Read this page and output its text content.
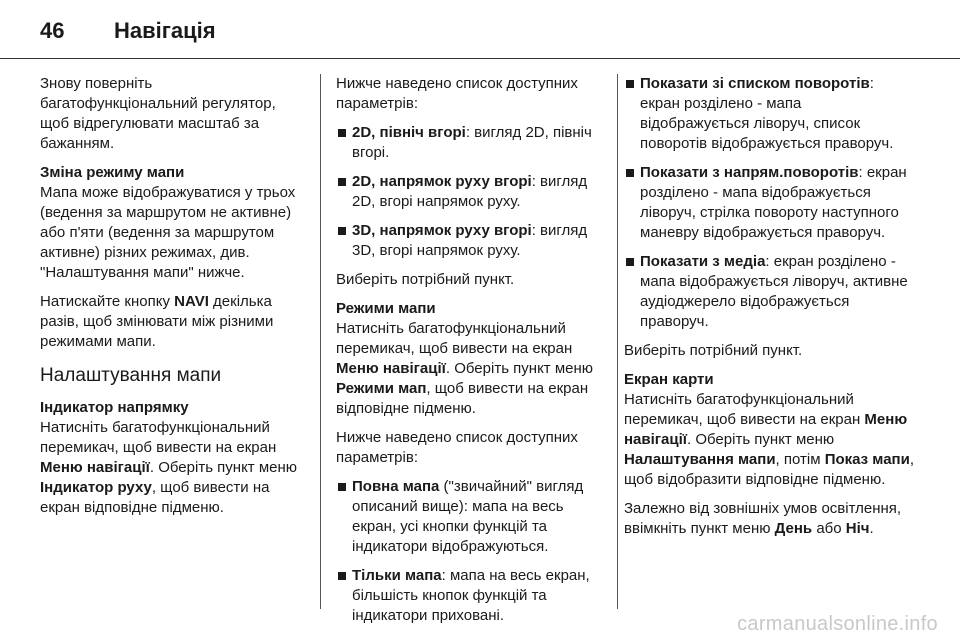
46 Навігація

Знову поверніть багатофункціональний регулятор, щоб відрегулювати масштаб за бажанням.

Зміна режиму мапи

Мапа може відображуватися у трьох (ведення за маршрутом не активне) або п'яти (ведення за маршрутом активне) різних режимах, див. "Налаштування мапи" нижче.

Натискайте кнопку NAVI декілька разів, щоб змінювати між різними режимами мапи.

Налаштування мапи

Індикатор напрямку

Натисніть багатофункціональний перемикач, щоб вивести на екран Меню навігації. Оберіть пункт меню Індикатор руху, щоб вивести на екран відповідне підменю.

Нижче наведено список доступних параметрів:

2D, північ вгорі: вигляд 2D, північ вгорі.

2D, напрямок руху вгорі: вигляд 2D, вгорі напрямок руху.

3D, напрямок руху вгорі: вигляд 3D, вгорі напрямок руху.

Виберіть потрібний пункт.

Режими мапи

Натисніть багатофункціональний перемикач, щоб вивести на екран Меню навігації. Оберіть пункт меню Режими мап, щоб вивести на екран відповідне підменю.

Нижче наведено список доступних параметрів:

Повна мапа ("звичайний" вигляд описаний вище): мапа на весь екран, усі кнопки функцій та індикатори відображуються.

Тільки мапа: мапа на весь екран, більшість кнопок функцій та індикатори приховані.

Показати зі списком поворотів: екран розділено - мапа відображується ліворуч, список поворотів відображується праворуч.

Показати з напрям.поворотів: екран розділено - мапа відображується ліворуч, стрілка повороту наступного маневру відображується праворуч.

Показати з медіа: екран розділено - мапа відображується ліворуч, активне аудіоджерело відображується праворуч.

Виберіть потрібний пункт.

Екран карти

Натисніть багатофункціональний перемикач, щоб вивести на екран Меню навігації. Оберіть пункт меню Налаштування мапи, потім Показ мапи, щоб відобразити відповідне підменю.

Залежно від зовнішніх умов освітлення, ввімкніть пункт меню День або Ніч.

carmanualsonline.info
